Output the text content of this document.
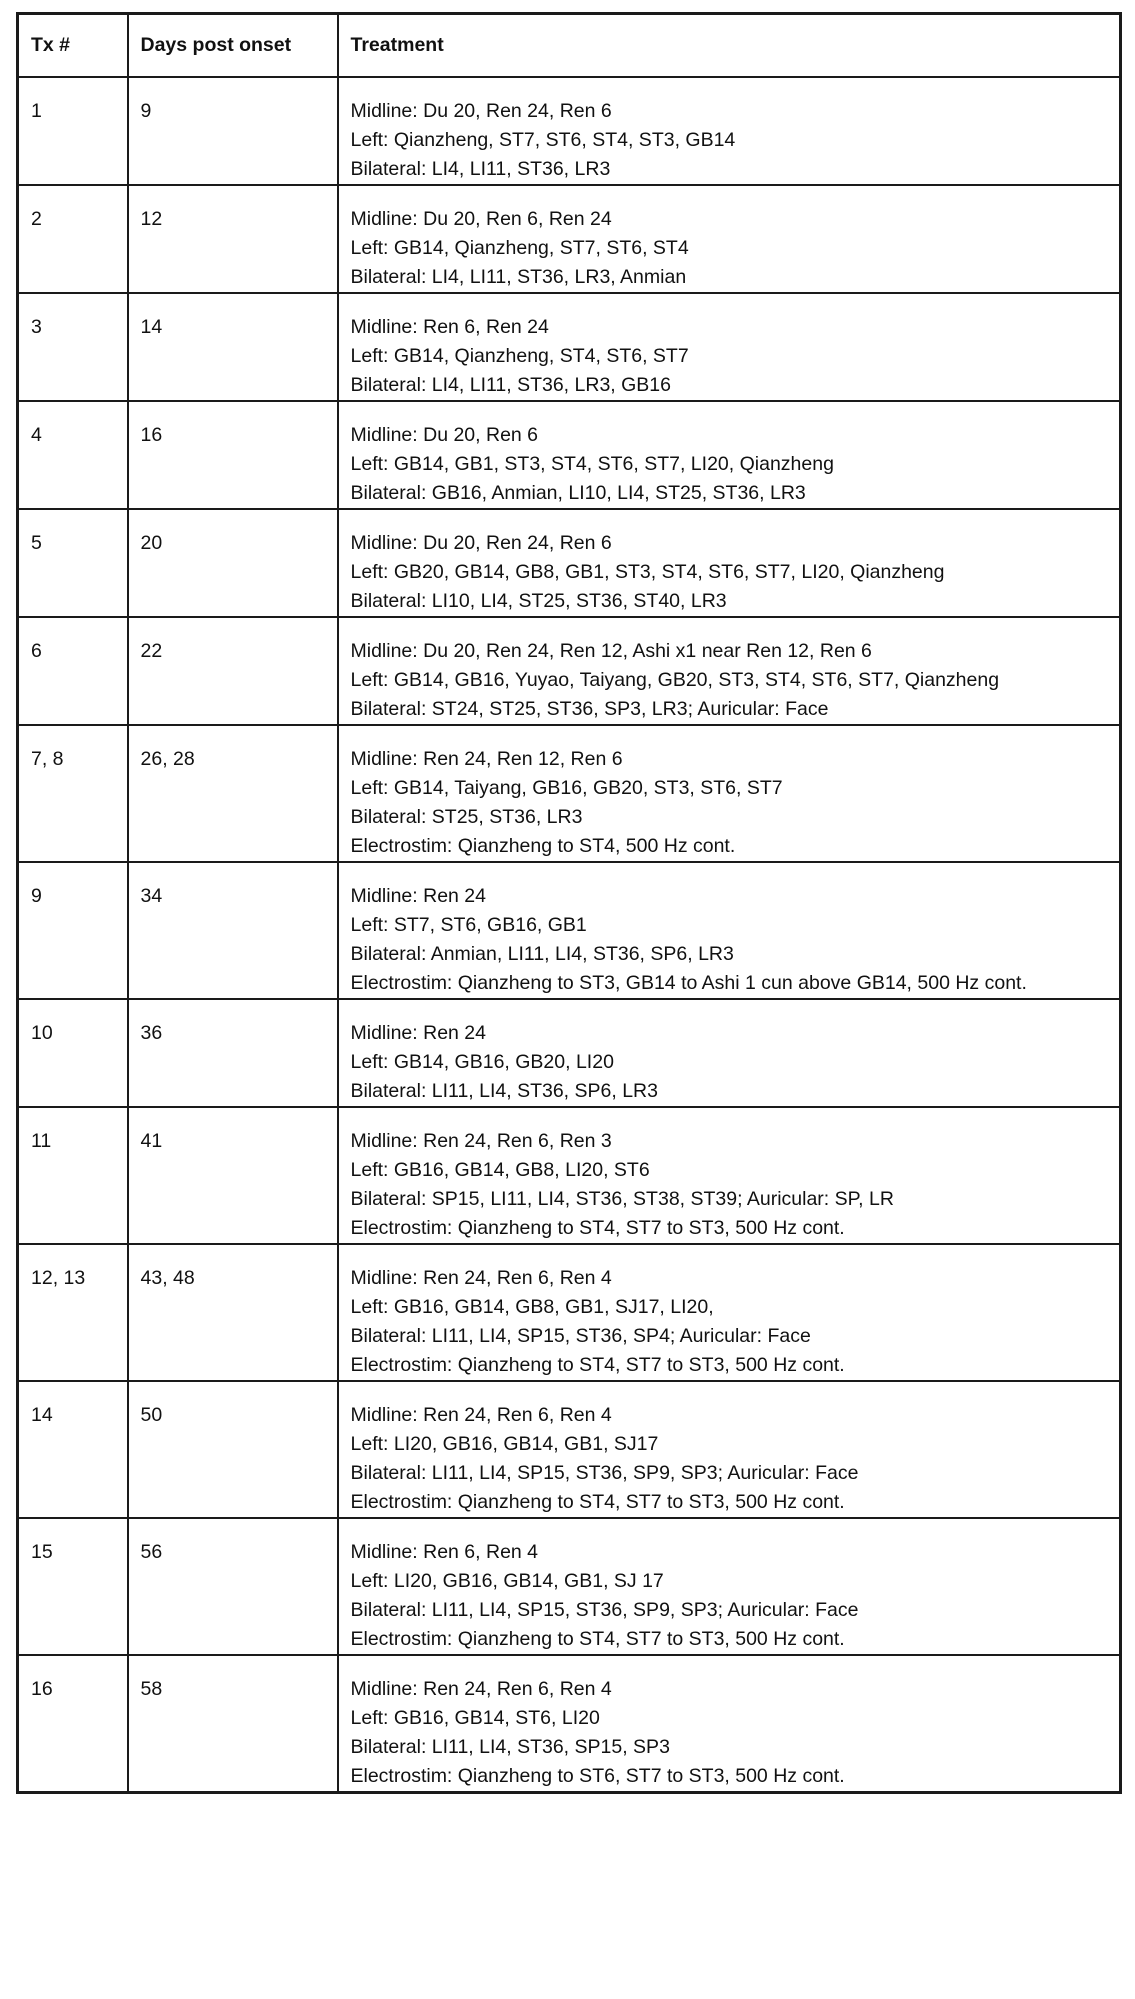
Tx #	Days post onset	Treatment
1	9	Midline: Du 20, Ren 24, Ren 6
Left: Qianzheng, ST7, ST6, ST4, ST3, GB14
Bilateral: LI4, LI11, ST36, LR3

2	12	Midline: Du 20, Ren 6, Ren 24
Left: GB14, Qianzheng, ST7, ST6, ST4
Bilateral: LI4, LI11, ST36, LR3, Anmian

3	14	Midline: Ren 6, Ren 24
Left: GB14, Qianzheng, ST4, ST6, ST7
Bilateral: LI4, LI11, ST36, LR3, GB16

4	16	Midline: Du 20, Ren 6
Left: GB14, GB1, ST3, ST4, ST6, ST7, LI20, Qianzheng
Bilateral: GB16, Anmian, LI10, LI4, ST25, ST36, LR3

5	20	Midline: Du 20, Ren 24, Ren 6
Left: GB20, GB14, GB8, GB1, ST3, ST4, ST6, ST7, LI20, Qianzheng
Bilateral: LI10, LI4, ST25, ST36, ST40, LR3

6	22	Midline: Du 20, Ren 24, Ren 12, Ashi x1 near Ren 12, Ren 6
Left: GB14, GB16, Yuyao, Taiyang, GB20, ST3, ST4, ST6, ST7, Qianzheng
Bilateral: ST24, ST25, ST36, SP3, LR3; Auricular: Face

7, 8	26, 28	Midline: Ren 24, Ren 12, Ren 6
Left: GB14, Taiyang, GB16, GB20, ST3, ST6, ST7
Bilateral: ST25, ST36, LR3
Electrostim: Qianzheng to ST4, 500 Hz cont.

9	34	Midline: Ren 24
Left: ST7, ST6, GB16, GB1
Bilateral: Anmian, LI11, LI4, ST36, SP6, LR3
Electrostim: Qianzheng to ST3, GB14 to Ashi 1 cun above GB14, 500 Hz cont.

10	36	Midline: Ren 24
Left: GB14, GB16, GB20, LI20
Bilateral: LI11, LI4, ST36, SP6, LR3

11	41	Midline: Ren 24, Ren 6, Ren 3
Left: GB16, GB14, GB8, LI20, ST6
Bilateral: SP15, LI11, LI4, ST36, ST38, ST39; Auricular: SP, LR
Electrostim: Qianzheng to ST4, ST7 to ST3, 500 Hz cont.

12, 13	43, 48	Midline: Ren 24, Ren 6, Ren 4
Left: GB16, GB14, GB8, GB1, SJ17, LI20,
Bilateral: LI11, LI4, SP15, ST36, SP4; Auricular: Face
Electrostim: Qianzheng to ST4, ST7 to ST3, 500 Hz cont.

14	50	Midline: Ren 24, Ren 6, Ren 4
Left: LI20, GB16, GB14, GB1, SJ17
Bilateral: LI11, LI4, SP15, ST36, SP9, SP3; Auricular: Face
Electrostim: Qianzheng to ST4, ST7 to ST3, 500 Hz cont.

15	56	Midline: Ren 6, Ren 4
Left: LI20, GB16, GB14, GB1, SJ 17
Bilateral: LI11, LI4, SP15, ST36, SP9, SP3; Auricular: Face
Electrostim: Qianzheng to ST4, ST7 to ST3, 500 Hz cont.

16	58	Midline: Ren 24, Ren 6, Ren 4
Left: GB16, GB14, ST6, LI20
Bilateral: LI11, LI4, ST36, SP15, SP3
Electrostim: Qianzheng to ST6, ST7 to ST3, 500 Hz cont.
